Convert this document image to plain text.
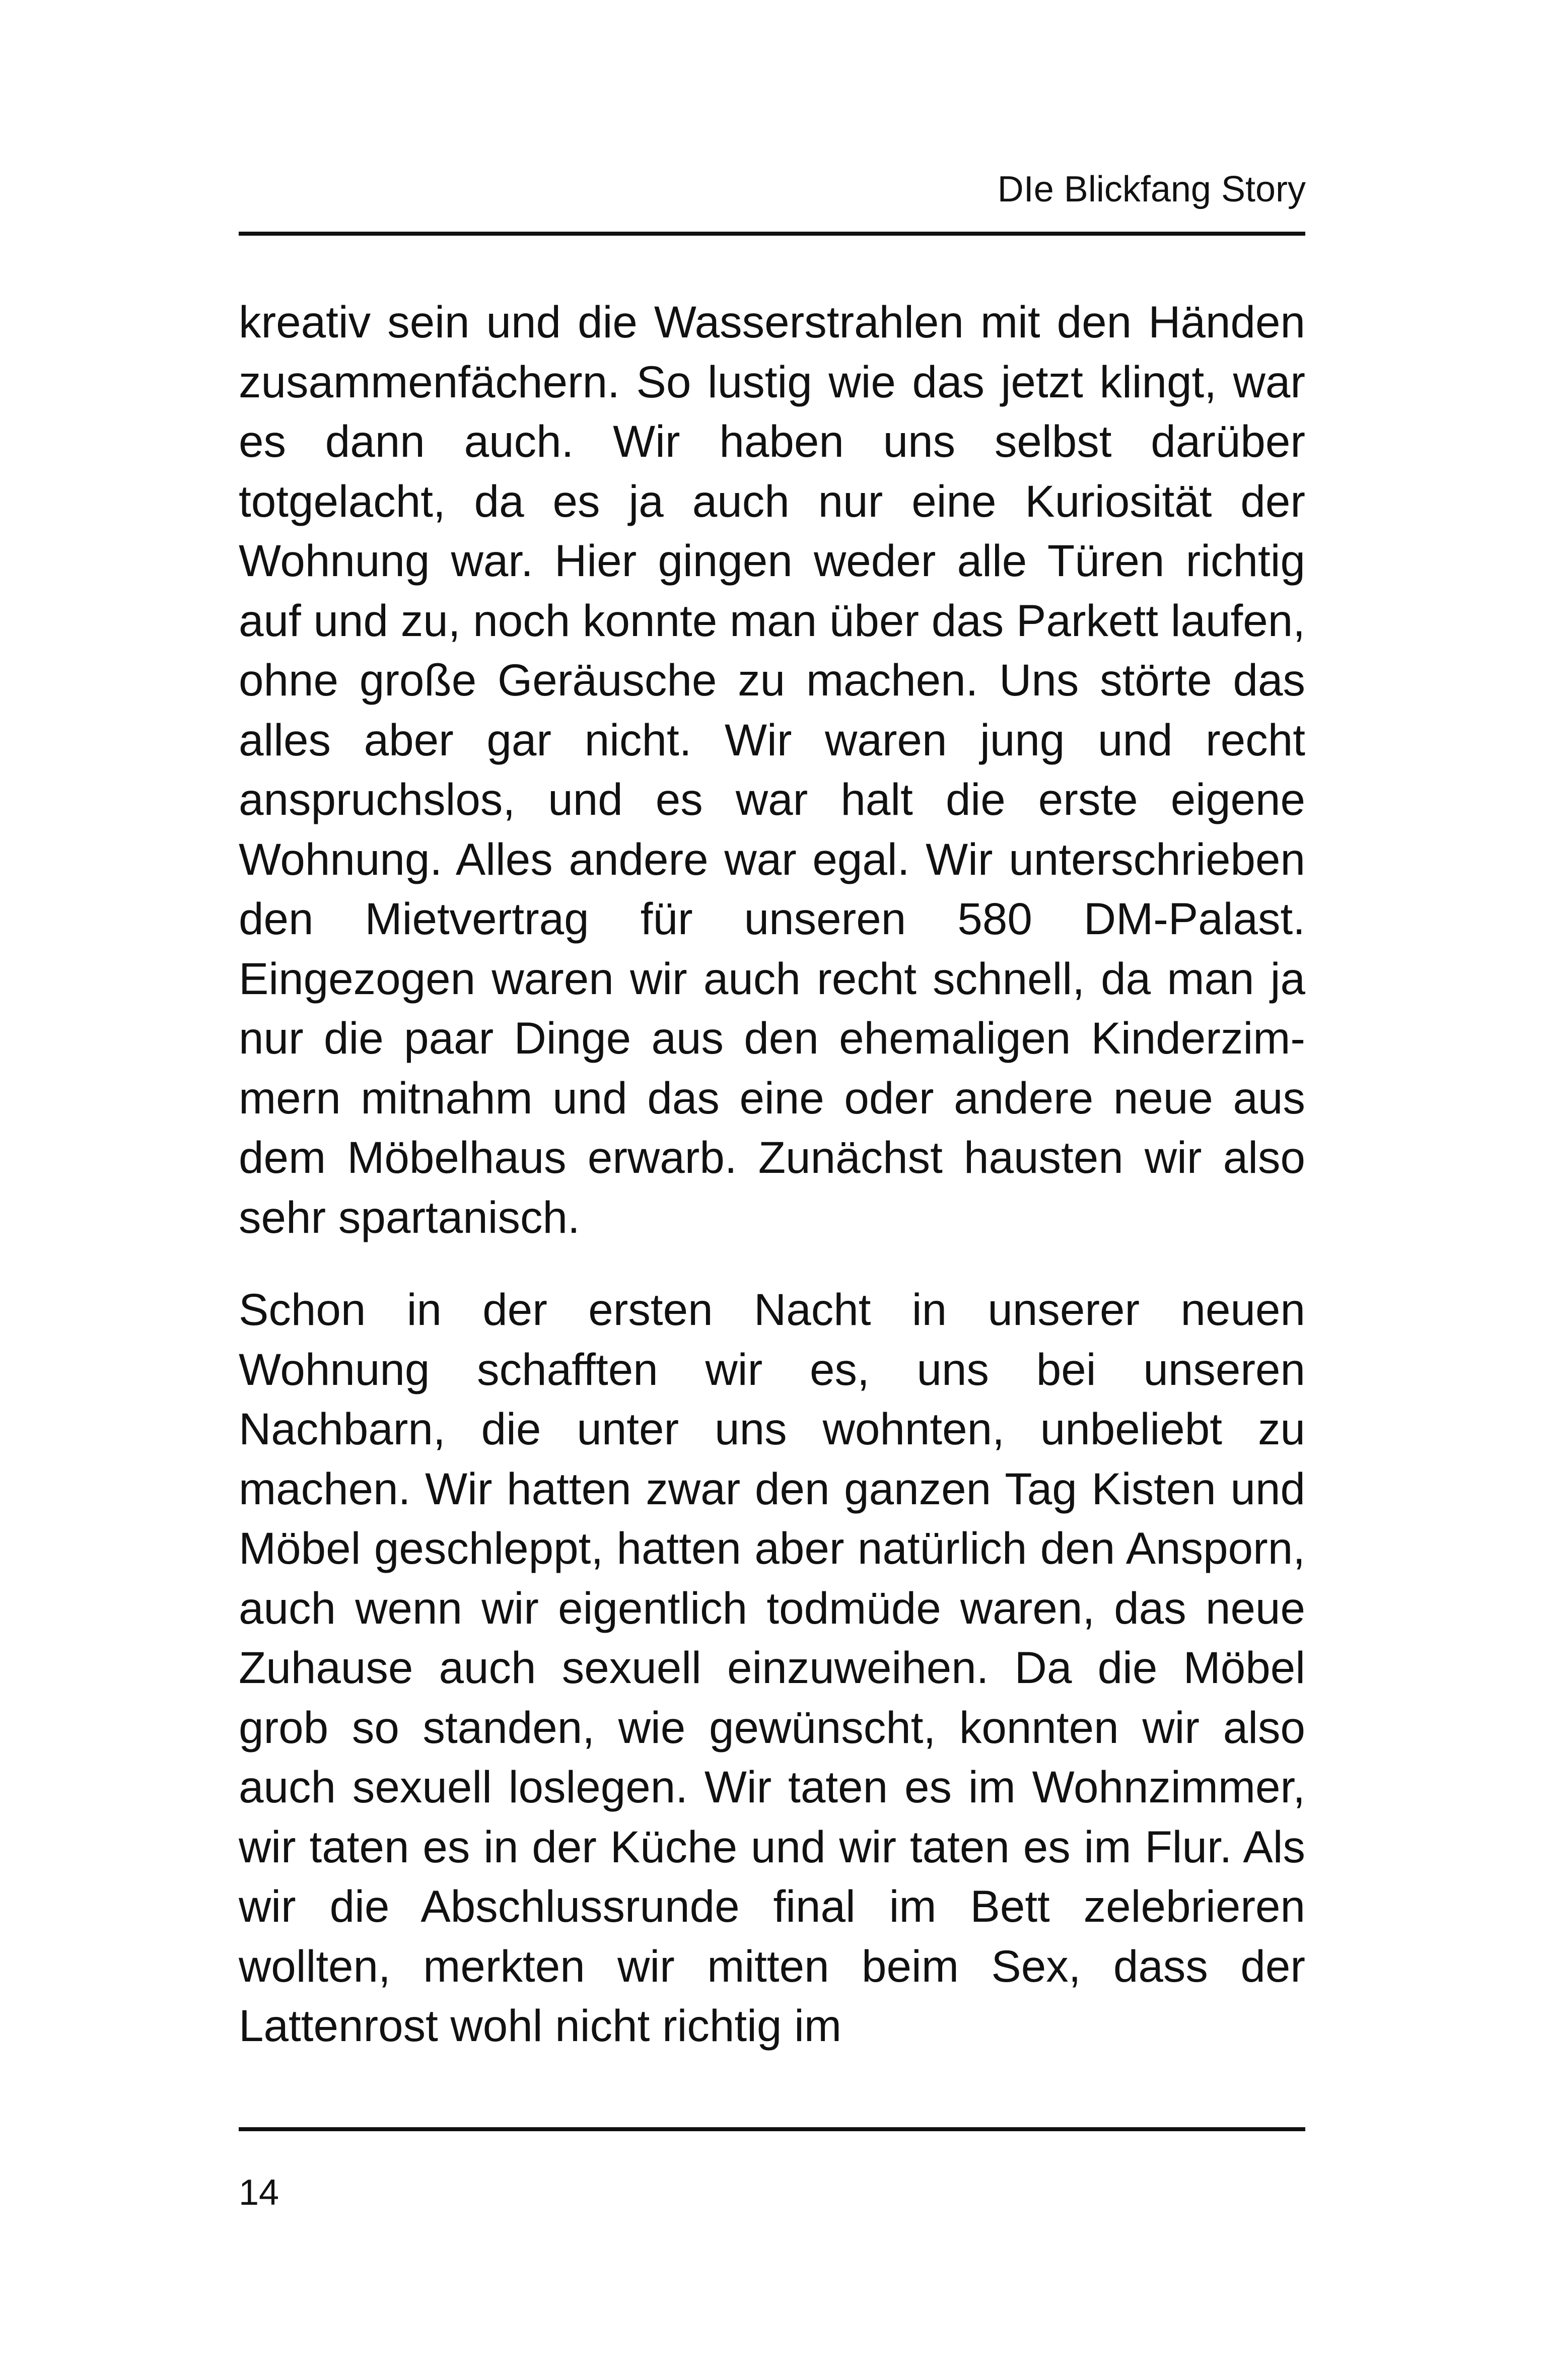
DIe Blickfang Story

kreativ sein und die Wasserstrahlen mit den Händen zusammenfächern. So lustig wie das jetzt klingt, war es dann auch. Wir haben uns selbst darüber totgelacht, da es ja auch nur eine Kuriosität der Wohnung war. Hier gingen weder alle Türen richtig auf und zu, noch konnte man über das Parkett laufen, ohne große Geräusche zu machen. Uns störte das alles aber gar nicht. Wir waren jung und recht anspruchslos, und es war halt die erste eigene Wohnung. Alles andere war egal. Wir unterschrieben den Mietvertrag für unseren 580 DM-Palast. Eingezogen waren wir auch recht schnell, da man ja nur die paar Dinge aus den ehemaligen Kinderzimmern mitnahm und das eine oder andere neue aus dem Möbelhaus erwarb. Zunächst hausten wir also sehr spartanisch.

Schon in der ersten Nacht in unserer neuen Wohnung schafften wir es, uns bei unseren Nachbarn, die unter uns wohnten, unbeliebt zu machen. Wir hatten zwar den ganzen Tag Kisten und Möbel geschleppt, hatten aber natürlich den Ansporn, auch wenn wir eigentlich todmüde waren, das neue Zuhause auch sexuell einzuweihen. Da die Möbel grob so standen, wie gewünscht, konnten wir also auch sexuell loslegen. Wir taten es im Wohnzimmer, wir taten es in der Küche und wir taten es im Flur. Als wir die Abschlussrunde final im Bett zelebrieren wollten, merkten wir mitten beim Sex, dass der Lattenrost wohl nicht richtig im

14
